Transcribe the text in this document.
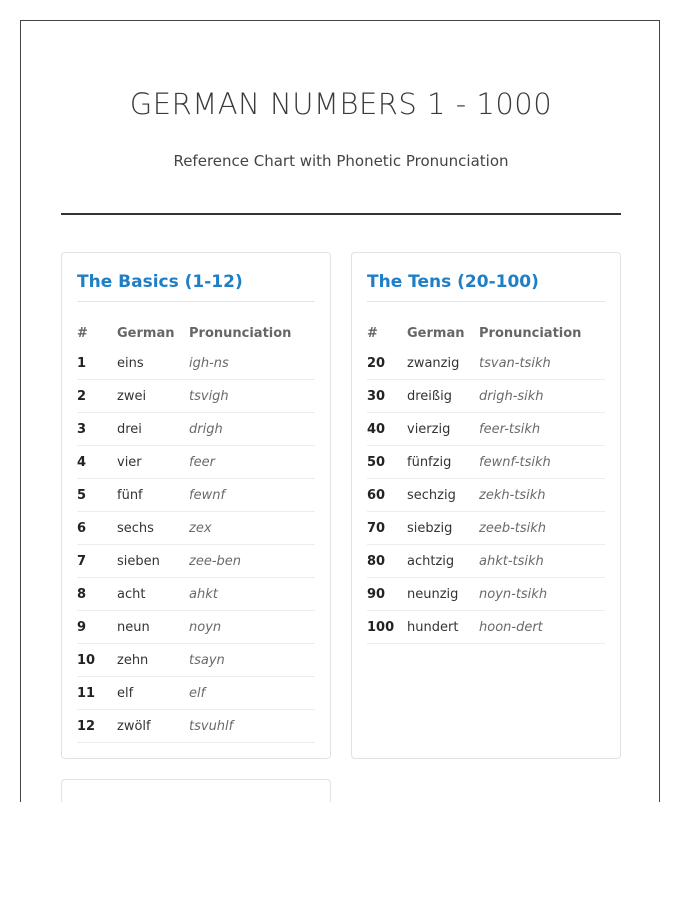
GERMAN NUMBERS 1 - 1000

Reference Chart with Phonetic Pronunciation

The Basics (1-12)
#	German	Pronunciation
1	eins	igh-ns
2	zwei	tsvigh
3	drei	drigh
4	vier	feer
5	fünf	fewnf
6	sechs	zex
7	sieben	zee-ben
8	acht	ahkt
9	neun	noyn
10	zehn	tsayn
11	elf	elf
12	zwölf	tsvuhlf
The Tens (20-100)
#	German	Pronunciation
20	zwanzig	tsvan-tsikh
30	dreißig	drigh-sikh
40	vierzig	feer-tsikh
50	fünfzig	fewnf-tsikh
60	sechzig	zekh-tsikh
70	siebzig	zeeb-tsikh
80	achtzig	ahkt-tsikh
90	neunzig	noyn-tsikh
100 hundert	hoon-dert
